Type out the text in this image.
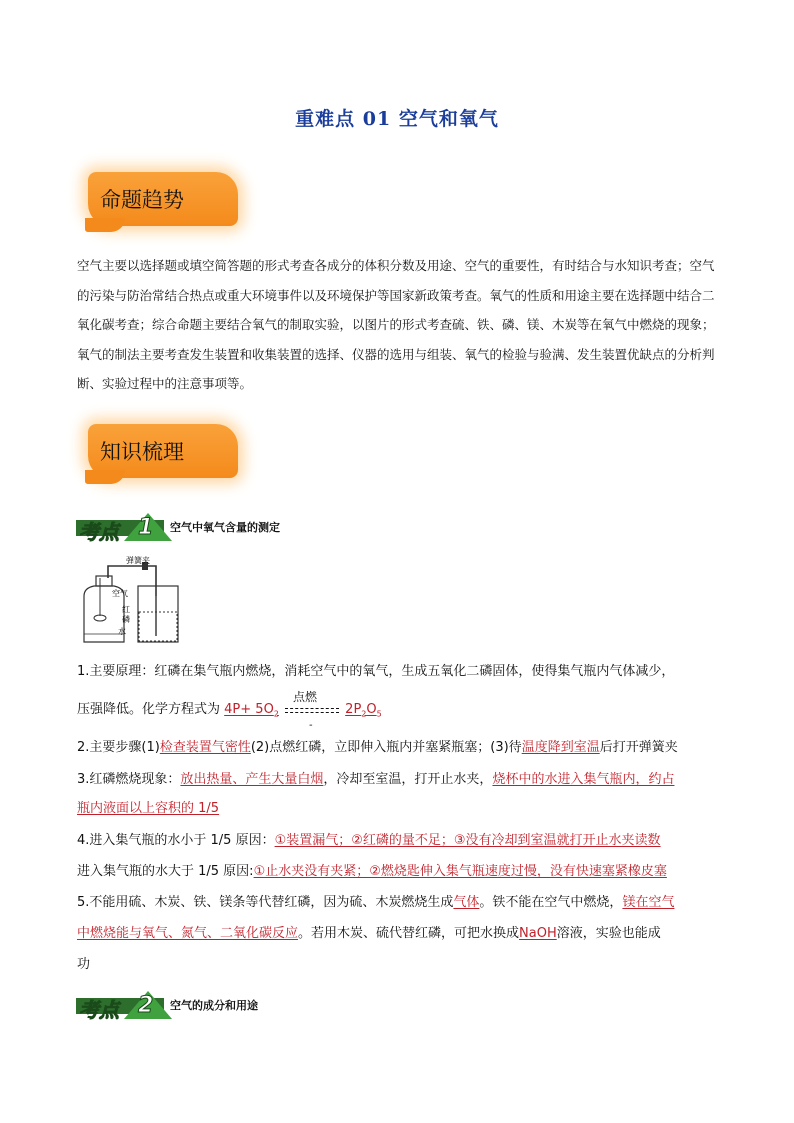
重难点 01 空气和氧气
命题趋势
空气主要以选择题或填空简答题的形式考查各成分的体积分数及用途、空气的重要性，有时结合与水知识考查；空气的污染与防治常结合热点或重大环境事件以及环境保护等国家新政策考查。氧气的性质和用途主要在选择题中结合二氧化碳考查；综合命题主要结合氧气的制取实验，以图片的形式考查硫、铁、磷、镁、木炭等在氧气中燃烧的现象；氧气的制法主要考查发生装置和收集装置的选择、仪器的选用与组装、氧气的检验与验满、发生装置优缺点的分析判断、实验过程中的注意事项等。
知识梳理
考点 1 空气中氧气含量的测定
弹簧夹
空气
红
磷
水
1.主要原理：红磷在集气瓶内燃烧，消耗空气中的氧气，生成五氧化二磷固体，使得集气瓶内气体减少，
压强降低。化学方程式为 $4P+ 5O_2$
点燃
-
$2P_2O_5$
2.主要步骤(1)检查装置气密性(2)点燃红磷，立即伸入瓶内并塞紧瓶塞；(3)待温度降到室温后打开弹簧夹
3.红磷燃烧现象：放出热量、产生大量白烟，冷却至室温，打开止水夹，烧杯中的水进入集气瓶内，约占
瓶内液面以上容积的 1/5
4.进入集气瓶的水小于 1/5 原因：①装置漏气；②红磷的量不足；③没有冷却到室温就打开止水夹读数
进入集气瓶的水大于 1/5 原因:①止水夹没有夹紧；②燃烧匙伸入集气瓶速度过慢，没有快速塞紧橡皮塞
5.不能用硫、木炭、铁、镁条等代替红磷，因为硫、木炭燃烧生成气体。铁不能在空气中燃烧，镁在空气
中燃烧能与氧气、氮气、二氧化碳反应。若用木炭、硫代替红磷，可把水换成NaOH溶液，实验也能成
功
考点 2 空气的成分和用途
